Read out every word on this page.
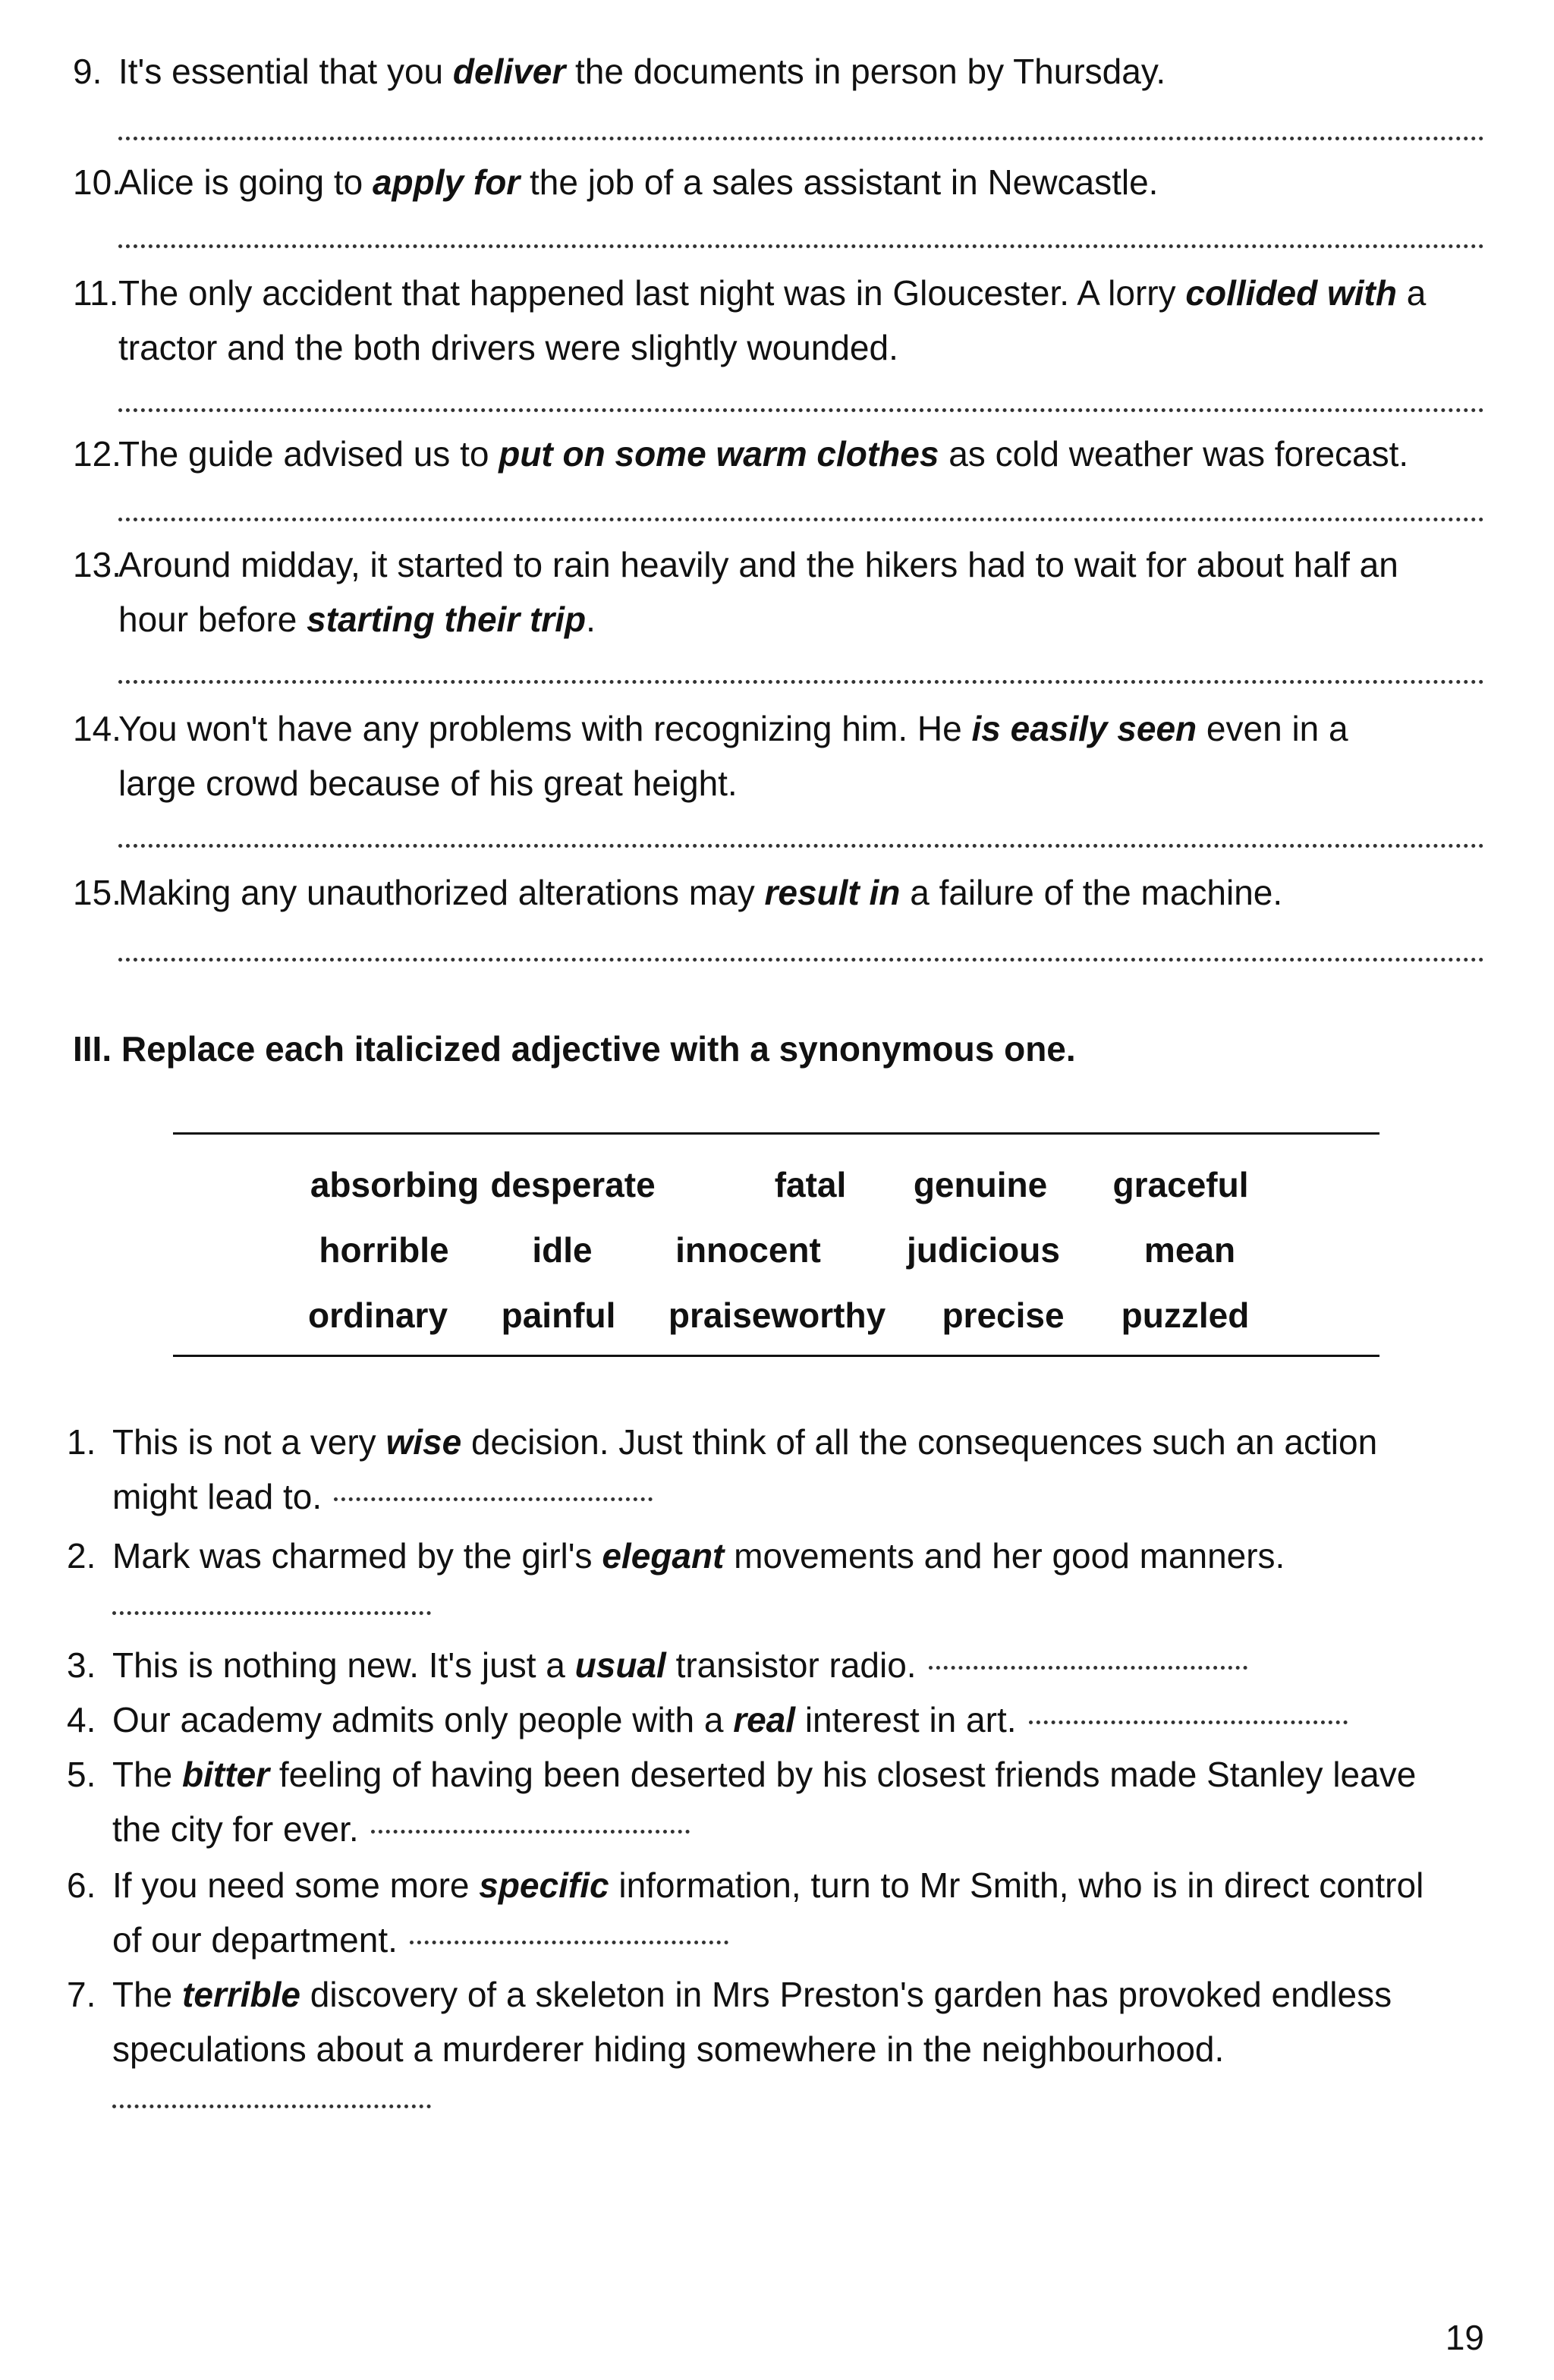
9. It's essential that you deliver the documents in person by Thursday.
10.Alice is going to apply for the job of a sales assistant in Newcastle.
11.The only accident that happened last night was in Gloucester. A lorry collided with a
tractor and the both drivers were slightly wounded.
12.The guide advised us to put on some warm clothes as cold weather was forecast.
13.Around midday, it started to rain heavily and the hikers had to wait for about half an
hour before starting their trip.
14.You won't have any problems with recognizing him. He is easily seen even in a
large crowd because of his great height.
15.Making any unauthorized alterations may result in a failure of the machine.
III. Replace each italicized adjective with a synonymous one.
absorbing desperate	fatal genuine graceful
horrible idle innocent judicious mean
ordinary painful praiseworthy precise puzzled
1. This is not a very wise decision. Just think of all the consequences such an action
might lead to.
2. Mark was charmed by the girl's elegant movements and her good manners.
3. This is nothing new. It's just a usual transistor radio.
4. Our academy admits only people with a real interest in art.
5. The bitter feeling of having been deserted by his closest friends made Stanley leave
the city for ever.
6. If you need some more specific information, turn to Mr Smith, who is in direct control
of our department.
7. The terrible discovery of a skeleton in Mrs Preston's garden has provoked endless
speculations about a murderer hiding somewhere in the neighbourhood.
19
